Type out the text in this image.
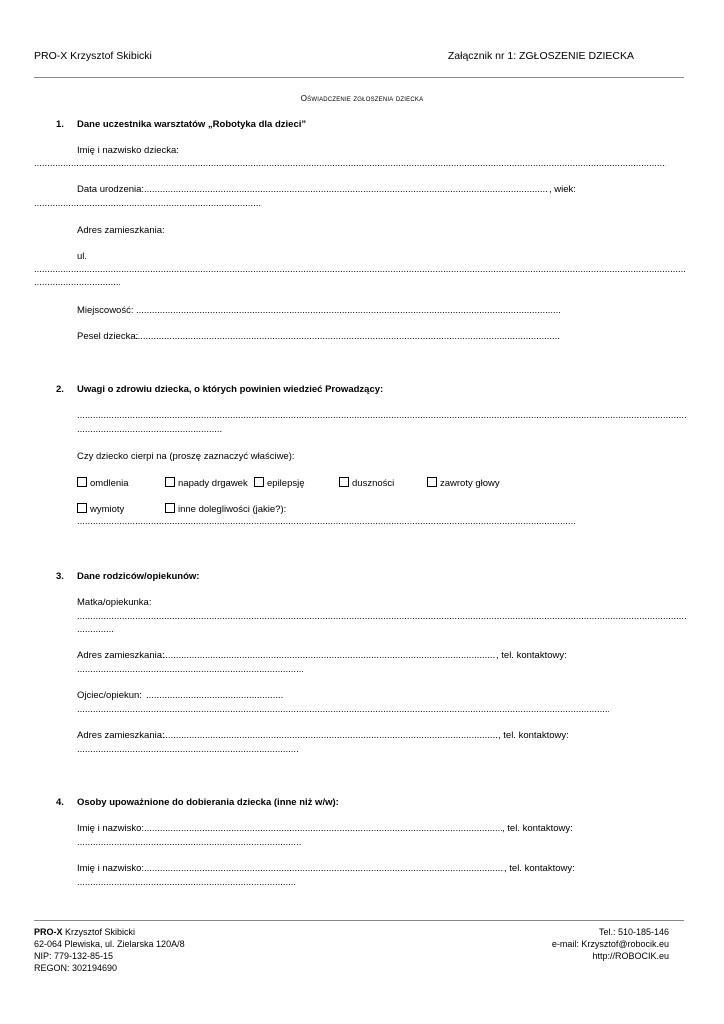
PRO-X Krzysztof Skibicki	Załącznik nr 1: ZGŁOSZENIE DZIECKA
Oświadczenie zgłoszenia dziecka
1. Dane uczestnika warsztatów „Robotyka dla dzieci”
Imię i nazwisko dziecka:
.....
Data urodzenia: .....	, wiek:
.....
Adres zamieszkania:
ul.
.....
.....
Miejscowość:
.....
Pesel dziecka:
.....
2. Uwagi o zdrowiu dziecka, o których powinien wiedzieć Prowadzący:
.....
.....
Czy dziecko cierpi na (proszę zaznaczyć właściwe):
omdlenia	napady drgawek	epilepsję	duszności	zawroty głowy
wymioty	inne dolegliwości (jakie?):
.....
3. Dane rodziców/opiekunów:
Matka/opiekunka:
.....
.....
Adres zamieszkania: .....	, tel. kontaktowy:
.....
Ojciec/opiekun:
.....
.....
Adres zamieszkania: .....	, tel. kontaktowy:
.....
4. Osoby upoważnione do dobierania dziecka (inne niż w/w):
Imię i nazwisko: .....	, tel. kontaktowy:
.....
Imię i nazwisko: .....	, tel. kontaktowy:
.....
PRO-X Krzysztof Skibicki
62-064 Plewiska, ul. Zielarska 120A/8
NIP: 779-132-85-15
REGON: 302194690
Tel.: 510-185-146
e-mail: Krzysztof@robocik.eu
http://ROBOCIK.eu
